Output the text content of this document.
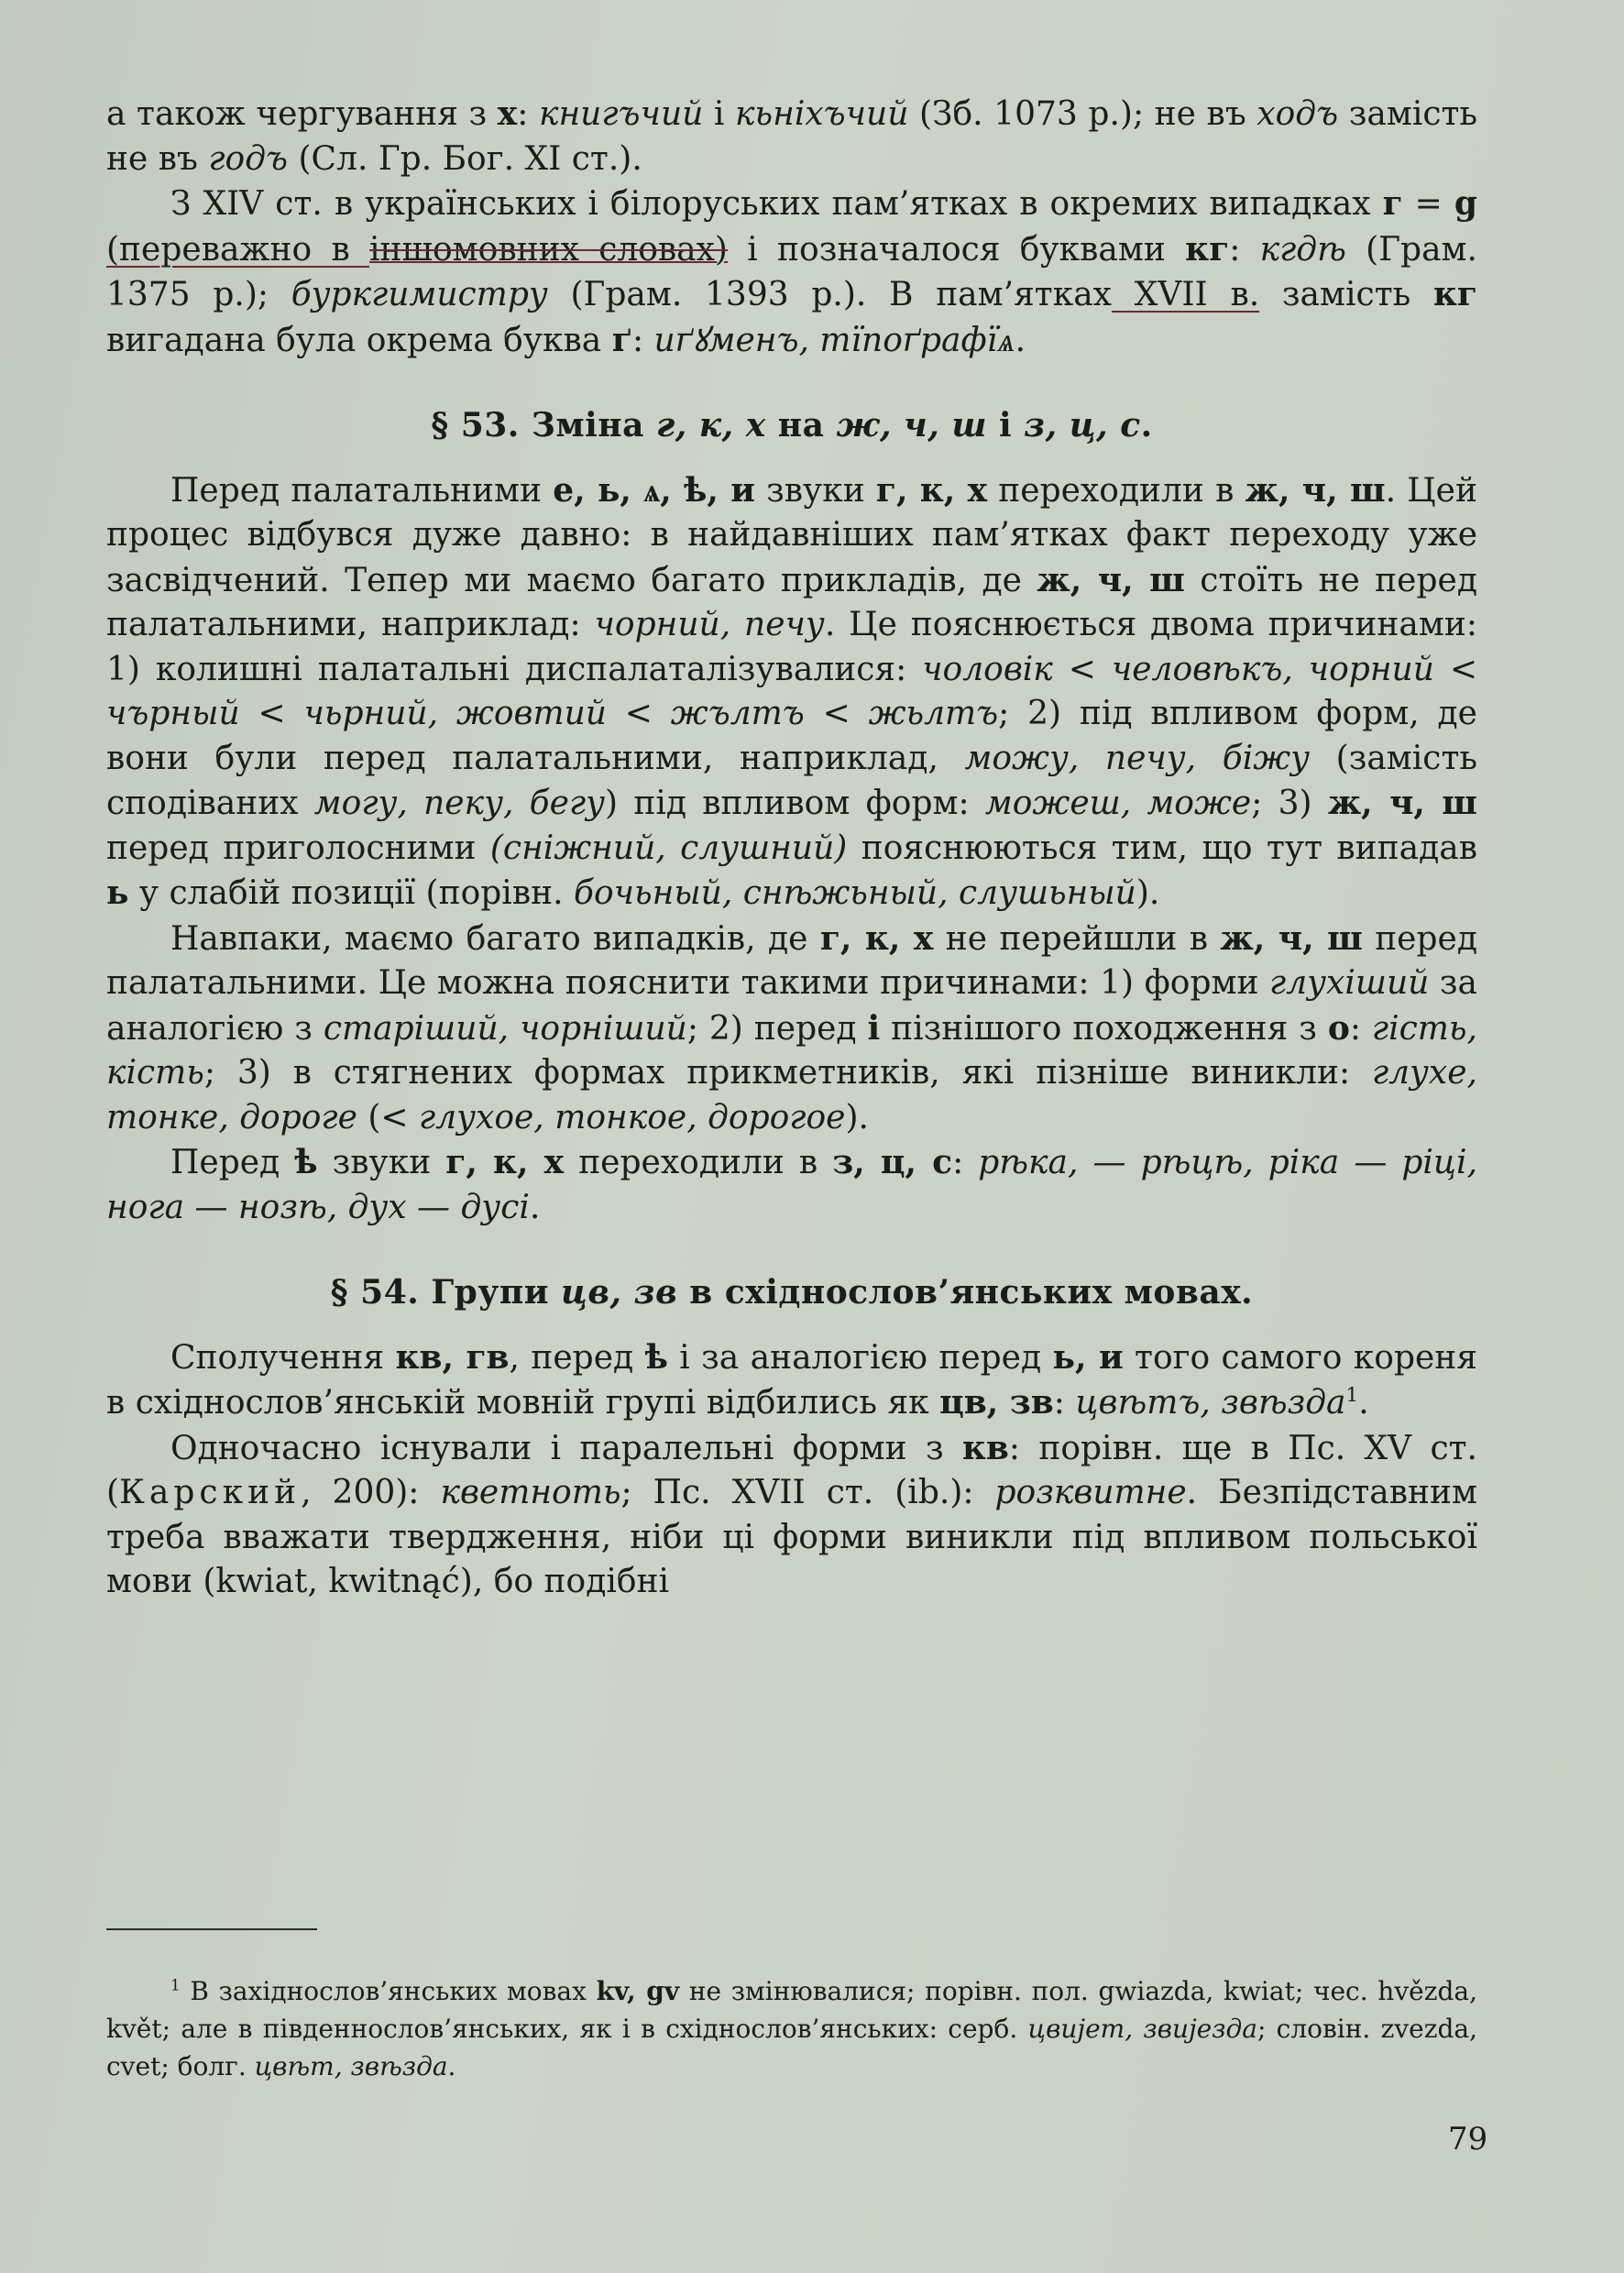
а також чергування з х: книгъчий і кьніхъчий (Зб. 1073 р.); не въ ходъ замість не въ годъ (Сл. Гр. Бог. XI ст.).

З XIV ст. в українських і білоруських пам’ятках в окремих випадках г = g (переважно в іншомовних словах) і позначалося буквами кг: кгдѣ (Грам. 1375 р.); буркгимистру (Грам. 1393 р.). В пам’ятках XVII в. замість кг вигадана була окрема буква ґ: иґꙋменъ, тїпоґрафїѧ.

§ 53. Зміна г, к, х на ж, ч, ш і з, ц, с.

Перед палатальними е, ь, ѧ, ѣ, и звуки г, к, х переходили в ж, ч, ш. Цей процес відбувся дуже давно: в найдавніших пам’ятках факт переходу уже засвідчений. Тепер ми маємо багато прикладів, де ж, ч, ш стоїть не перед палатальними, наприклад: чорний, печу. Це пояснюється двома причинами: 1) колишні палатальні диспалаталізувалися: чоловік < человѣкъ, чорний < чърный < чьрний, жовтий < жълтъ < жьлтъ; 2) під впливом форм, де вони були перед палатальними, наприклад, можу, печу, біжу (замість сподіваних могу, пеку, бегу) під впливом форм: можеш, може; 3) ж, ч, ш перед приголосними (сніжний, слушний) пояснюються тим, що тут випадав ь у слабій позиції (порівн. бочьный, снѣжьный, слушьный).

Навпаки, маємо багато випадків, де г, к, х не перейшли в ж, ч, ш перед палатальними. Це можна пояснити такими причинами: 1) форми глухіший за аналогією з старіший, чорніший; 2) перед і пізнішого походження з о: гість, кість; 3) в стягнених формах прикметників, які пізніше виникли: глухе, тонке, дороге (< глухое, тонкое, дорогое).

Перед ѣ звуки г, к, х переходили в з, ц, с: рѣка, — рѣцѣ, ріка — ріці, нога — нозѣ, дух — дусі.

§ 54. Групи цв, зв в східнослов’янських мовах.

Сполучення кв, гв, перед ѣ і за аналогією перед ь, и того самого кореня в східнослов’янській мовній групі відбились як цв, зв: цвѣтъ, звѣзда$^1$.

Одночасно існували і паралельні форми з кв: порівн. ще в Пс. XV ст. (Карский, 200): кветноть; Пс. XVII ст. (ib.): розквитне. Безпідставним треба вважати твердження, ніби ці форми виникли під впливом польської мови (kwiat, kwitnąć), бо подібні

$^1$ В західнослов’янських мовах kv, gv не змінювалися; порівн. пол. gwiazda, kwiat; чес. hvězda, květ; але в південнослов’янських, як і в східнослов’янських: серб. цвијет, звијезда; словін. zvezda, cvet; болг. цвѣт, звѣзда.

79
